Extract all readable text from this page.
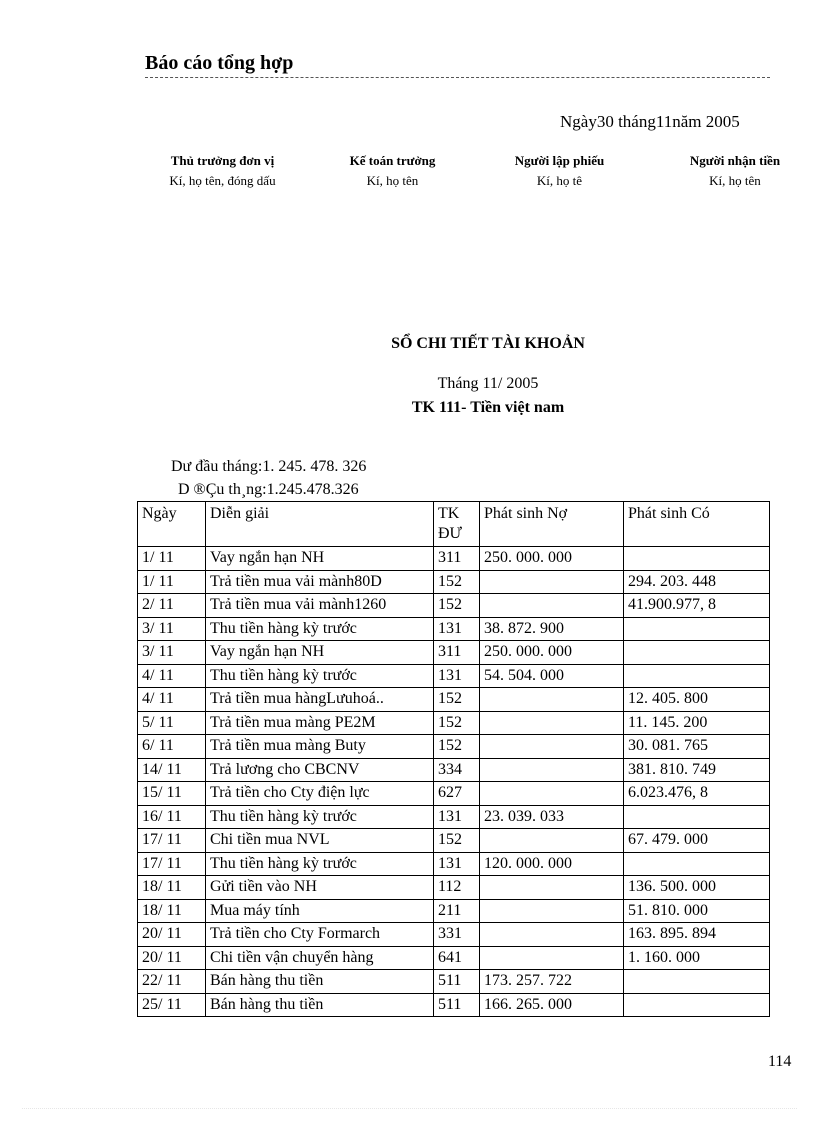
Báo cáo tổng hợp
Ngày30 tháng11năm 2005
Thủ trưởng đơn vị
Kí, họ tên, đóng dấu
Kế toán trưởng
Kí, họ tên
Người lập phiếu
Kí, họ tê
Người nhận tiền
Kí, họ tên
SỔ CHI TIẾT TÀI KHOẢN
Tháng 11/ 2005
TK 111- Tiền việt nam
Dư đầu tháng:1. 245. 478. 326
D ®Çu th¸ng:1.245.478.326
Ngày	Diễn giải	TK ĐƯ	Phát sinh Nợ	Phát sinh Có
1/ 11	Vay ngắn hạn NH	311	250. 000. 000	
1/ 11	Trả tiền mua vải mành80D	152		294. 203. 448
2/ 11	Trả tiền mua vải mành1260	152		41.900.977, 8
3/ 11	Thu tiền hàng kỳ trước	131	38. 872. 900	
3/ 11	Vay ngắn hạn NH	311	250. 000. 000	
4/ 11	Thu tiền hàng kỳ trước	131	54. 504. 000	
4/ 11	Trả tiền mua hàngLưuhoá..	152		12. 405. 800
5/ 11	Trả tiền mua màng PE2M	152		11. 145. 200
6/ 11	Trả tiền mua màng Buty	152		30. 081. 765
14/ 11	Trả lương cho CBCNV	334		381. 810. 749
15/ 11	Trả tiền cho Cty điện lực	627		6.023.476, 8
16/ 11	Thu tiền hàng kỳ trước	131	23. 039. 033	
17/ 11	Chi tiền mua NVL	152		67. 479. 000
17/ 11	Thu tiền hàng kỳ trước	131	120. 000. 000	
18/ 11	Gửi tiền vào NH	112		136. 500. 000
18/ 11	Mua máy tính	211		51. 810. 000
20/ 11	Trả tiền cho Cty Formarch	331		163. 895. 894
20/ 11	Chi tiền vận chuyển hàng	641		1. 160. 000
22/ 11	Bán hàng thu tiền	511	173. 257. 722	
25/ 11	Bán hàng thu tiền	511	166. 265. 000	
114
